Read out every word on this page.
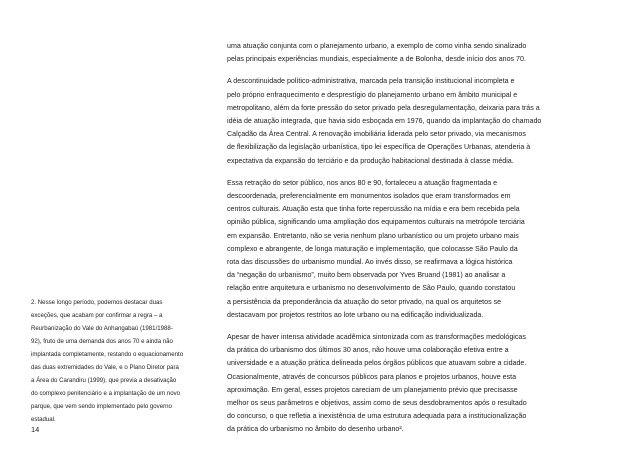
uma atuação conjunta com o planejamento urbano, a exemplo de como vinha sendo sinalizado
pelas principais experiências mundiais, especialmente a de Bolonha, desde início dos anos 70.

A descontinuidade político-administrativa, marcada pela transição institucional incompleta e
pelo próprio enfraquecimento e desprestígio do planejamento urbano em âmbito municipal e
metropolitano, além da forte pressão do setor privado pela desregulamentação, deixaria para trás a
idéia de atuação integrada, que havia sido esboçada em 1976, quando da implantação do chamado
Calçadão da Área Central. A renovação imobiliária liderada pelo setor privado, via mecanismos
de flexibilização da legislação urbanística, tipo lei específica de Operações Urbanas, atenderia à
expectativa da expansão do terciário e da produção habitacional destinada à classe média.

Essa retração do setor público, nos anos 80 e 90, fortaleceu a atuação fragmentada e
descoordenada, preferencialmente em monumentos isolados que eram transformados em
centros culturais. Atuação esta que tinha forte repercussão na mídia e era bem recebida pela
opinião pública, significando uma ampliação dos equipamentos culturais na metrópole terciária
em expansão. Entretanto, não se veria nenhum plano urbanístico ou um projeto urbano mais
complexo e abrangente, de longa maturação e implementação, que colocasse São Paulo da
rota das discussões do urbanismo mundial. Ao invés disso, se reafirmava a lógica histórica
da “negação do urbanismo”, muito bem observada por Yves Bruand (1981) ao analisar a
relação entre arquitetura e urbanismo no desenvolvimento de São Paulo, quando constatou
a persistência da preponderância da atuação do setor privado, na qual os arquitetos se
destacavam por projetos restritos ao lote urbano ou na edificação individualizada.

Apesar de haver intensa atividade acadêmica sintonizada com as transformações medológicas
da prática do urbanismo dos últimos 30 anos, não houve uma colaboração efetiva entre a
universidade e a atuação prática delineada pelos órgãos públicos que atuavam sobre a cidade.
Ocasionalmente, através de concursos públicos para planos e projetos urbanos, houve esta
aproximação. Em geral, esses projetos careciam de um planejamento prévio que precisasse
melhor os seus parâmetros e objetivos, assim como de seus desdobramentos após o resultado
do concurso, o que refletia a inexistência de uma estrutura adequada para a institucionalização
da prática do urbanismo no âmbito do desenho urbano².

2. Nesse longo período, podemos destacar duas
exceções, que acabam por confirmar a regra – a
Reurbanização do Vale do Anhangabaú (1981/1988-
92), fruto de uma demanda dos anos 70 e ainda não
implantada completamente, restando o equacionamento
das duas extremidades do Vale, e o Plano Diretor para
a Área do Carandiru (1999), que previa a desativação
do complexo penitenciário e a implantação de um novo
parque, que vem sendo implementado pelo governo
estadual.
14
